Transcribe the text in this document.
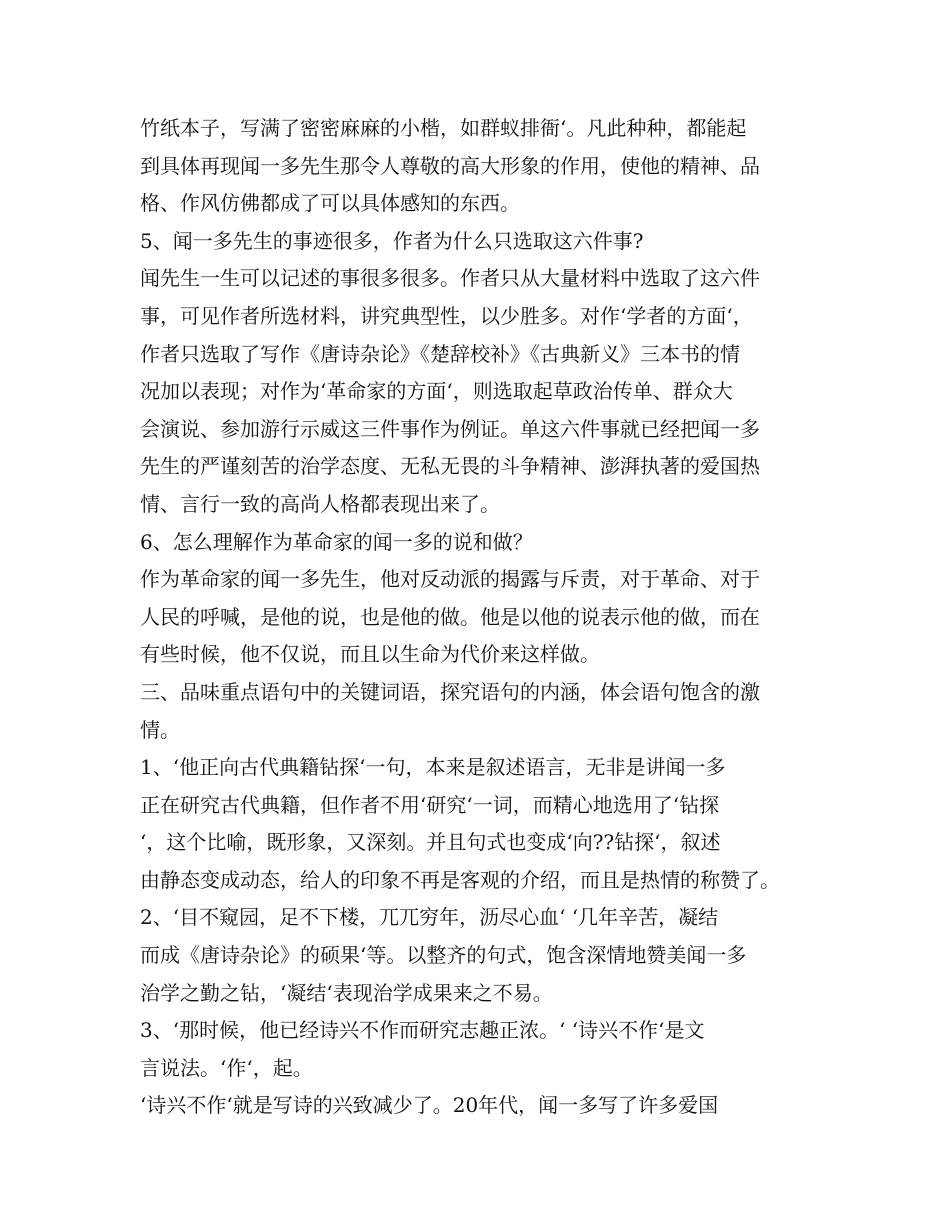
竹纸本子，写满了密密麻麻的小楷，如群蚁排衙‘。凡此种种，都能起
到具体再现闻一多先生那令人尊敬的高大形象的作用，使他的精神、品
格、作风仿佛都成了可以具体感知的东西。
5、闻一多先生的事迹很多，作者为什么只选取这六件事?
闻先生一生可以记述的事很多很多。作者只从大量材料中选取了这六件
事，可见作者所选材料，讲究典型性，以少胜多。对作‘学者的方面‘，
作者只选取了写作《唐诗杂论》《楚辞校补》《古典新义》三本书的情
况加以表现；对作为‘革命家的方面‘，则选取起草政治传单、群众大
会演说、参加游行示威这三件事作为例证。单这六件事就已经把闻一多
先生的严谨刻苦的治学态度、无私无畏的斗争精神、澎湃执著的爱国热
情、言行一致的高尚人格都表现出来了。
6、怎么理解作为革命家的闻一多的说和做？
作为革命家的闻一多先生，他对反动派的揭露与斥责，对于革命、对于
人民的呼喊，是他的说，也是他的做。他是以他的说表示他的做，而在
有些时候，他不仅说，而且以生命为代价来这样做。
三、品味重点语句中的关键词语，探究语句的内涵，体会语句饱含的激
情。
1、‘他正向古代典籍钻探‘一句，本来是叙述语言，无非是讲闻一多
正在研究古代典籍，但作者不用‘研究‘一词，而精心地选用了‘钻探
‘，这个比喻，既形象，又深刻。并且句式也变成‘向??钻探‘，叙述
由静态变成动态，给人的印象不再是客观的介绍，而且是热情的称赞了。
2、‘目不窥园，足不下楼，兀兀穷年，沥尽心血‘ ‘几年辛苦，凝结
而成《唐诗杂论》的硕果‘等。以整齐的句式，饱含深情地赞美闻一多
治学之勤之钻，‘凝结‘表现治学成果来之不易。
3、‘那时候，他已经诗兴不作而研究志趣正浓。‘ ‘诗兴不作‘是文
言说法。‘作‘，起。
‘诗兴不作‘就是写诗的兴致减少了。20年代，闻一多写了许多爱国
